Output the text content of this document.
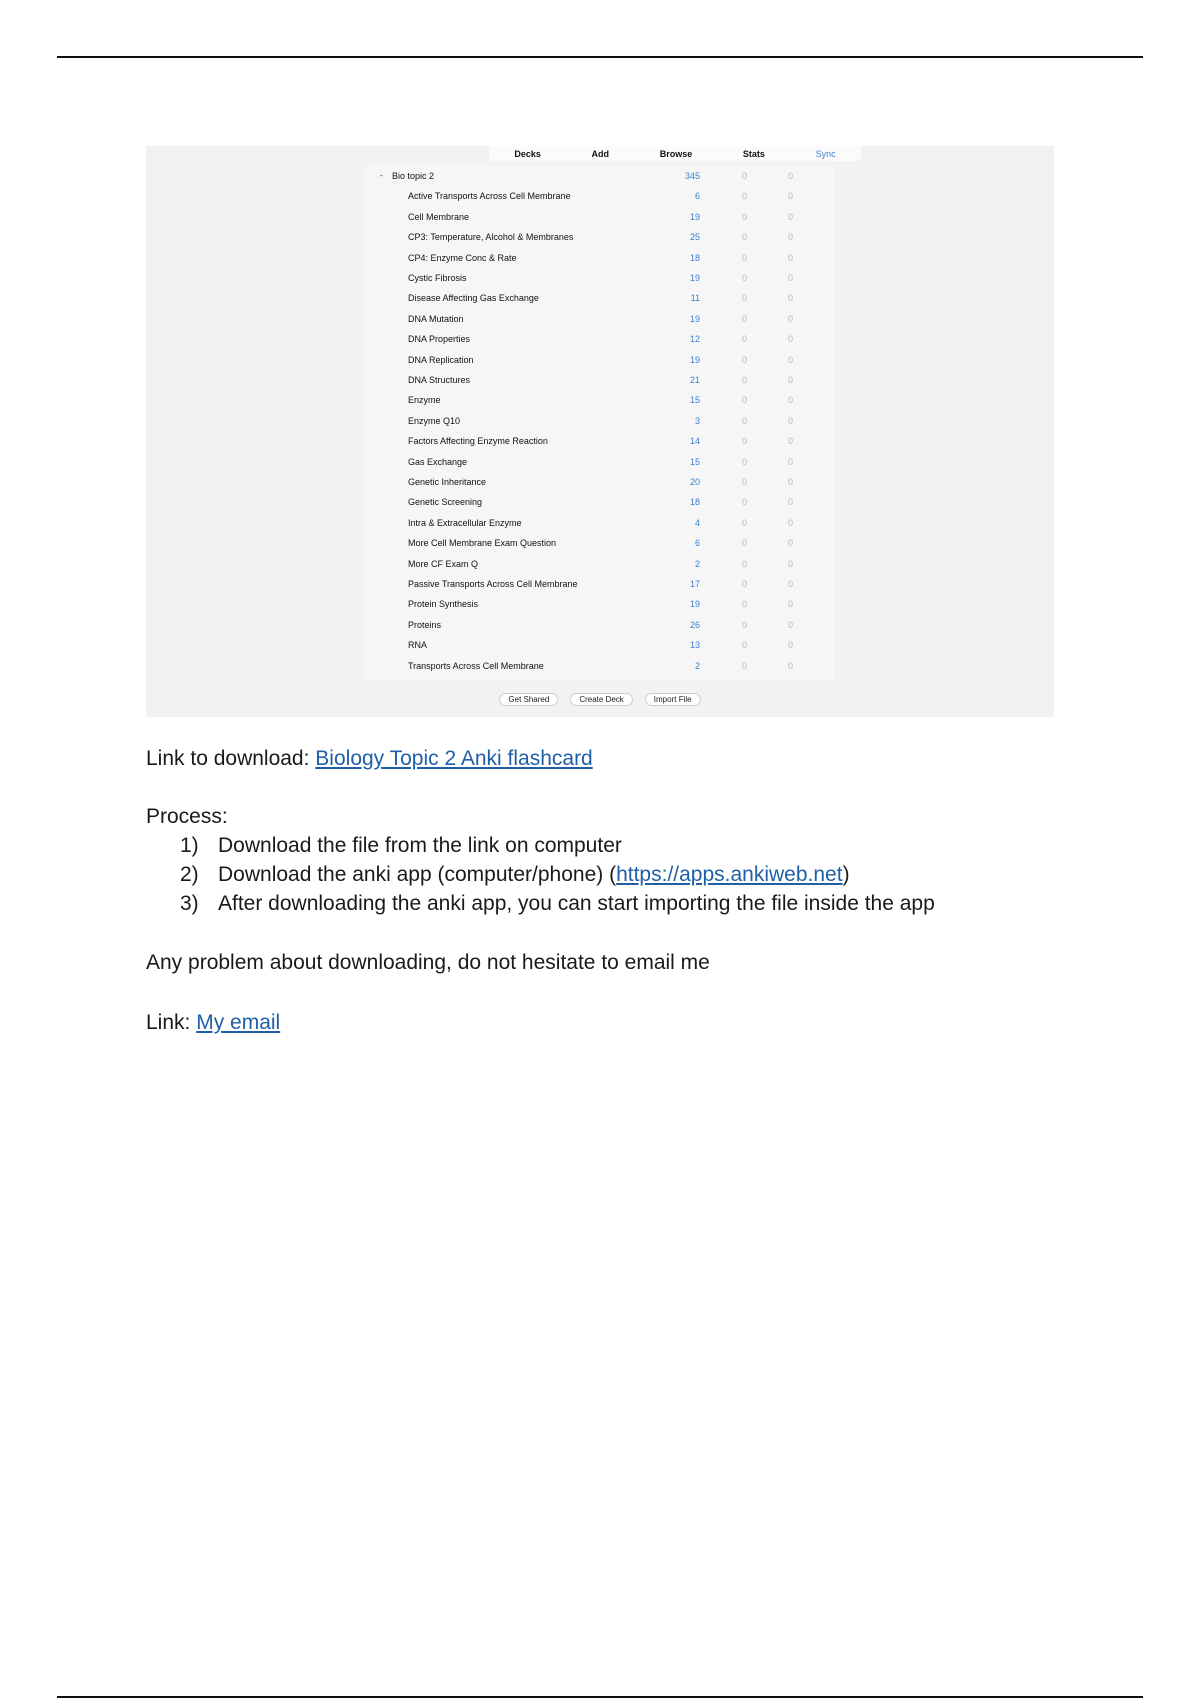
Decks	Add	Browse	Stats	Sync
- Bio topic 2	345	0	0
Active Transports Across Cell Membrane	6	0	0
Cell Membrane	19	0	0
CP3: Temperature, Alcohol & Membranes	25	0	0
CP4: Enzyme Conc & Rate	18	0	0
Cystic Fibrosis	19	0	0
Disease Affecting Gas Exchange	11	0	0
DNA Mutation	19	0	0
DNA Properties	12	0	0
DNA Replication	19	0	0
DNA Structures	21	0	0
Enzyme	15	0	0
Enzyme Q10	3	0	0
Factors Affecting Enzyme Reaction	14	0	0
Gas Exchange	15	0	0
Genetic Inheritance	20	0	0
Genetic Screening	18	0	0
Intra & Extracellular Enzyme	4	0	0
More Cell Membrane Exam Question	6	0	0
More CF Exam Q	2	0	0
Passive Transports Across Cell Membrane	17	0	0
Protein Synthesis	19	0	0
Proteins	26	0	0
RNA	13	0	0
Transports Across Cell Membrane	2	0	0
Get Shared	Create Deck	Import File
Link to download: Biology Topic 2 Anki flashcard
Process:
1) Download the file from the link on computer
2) Download the anki app (computer/phone) (https://apps.ankiweb.net)
3) After downloading the anki app, you can start importing the file inside the app
Any problem about downloading, do not hesitate to email me
Link: My email
